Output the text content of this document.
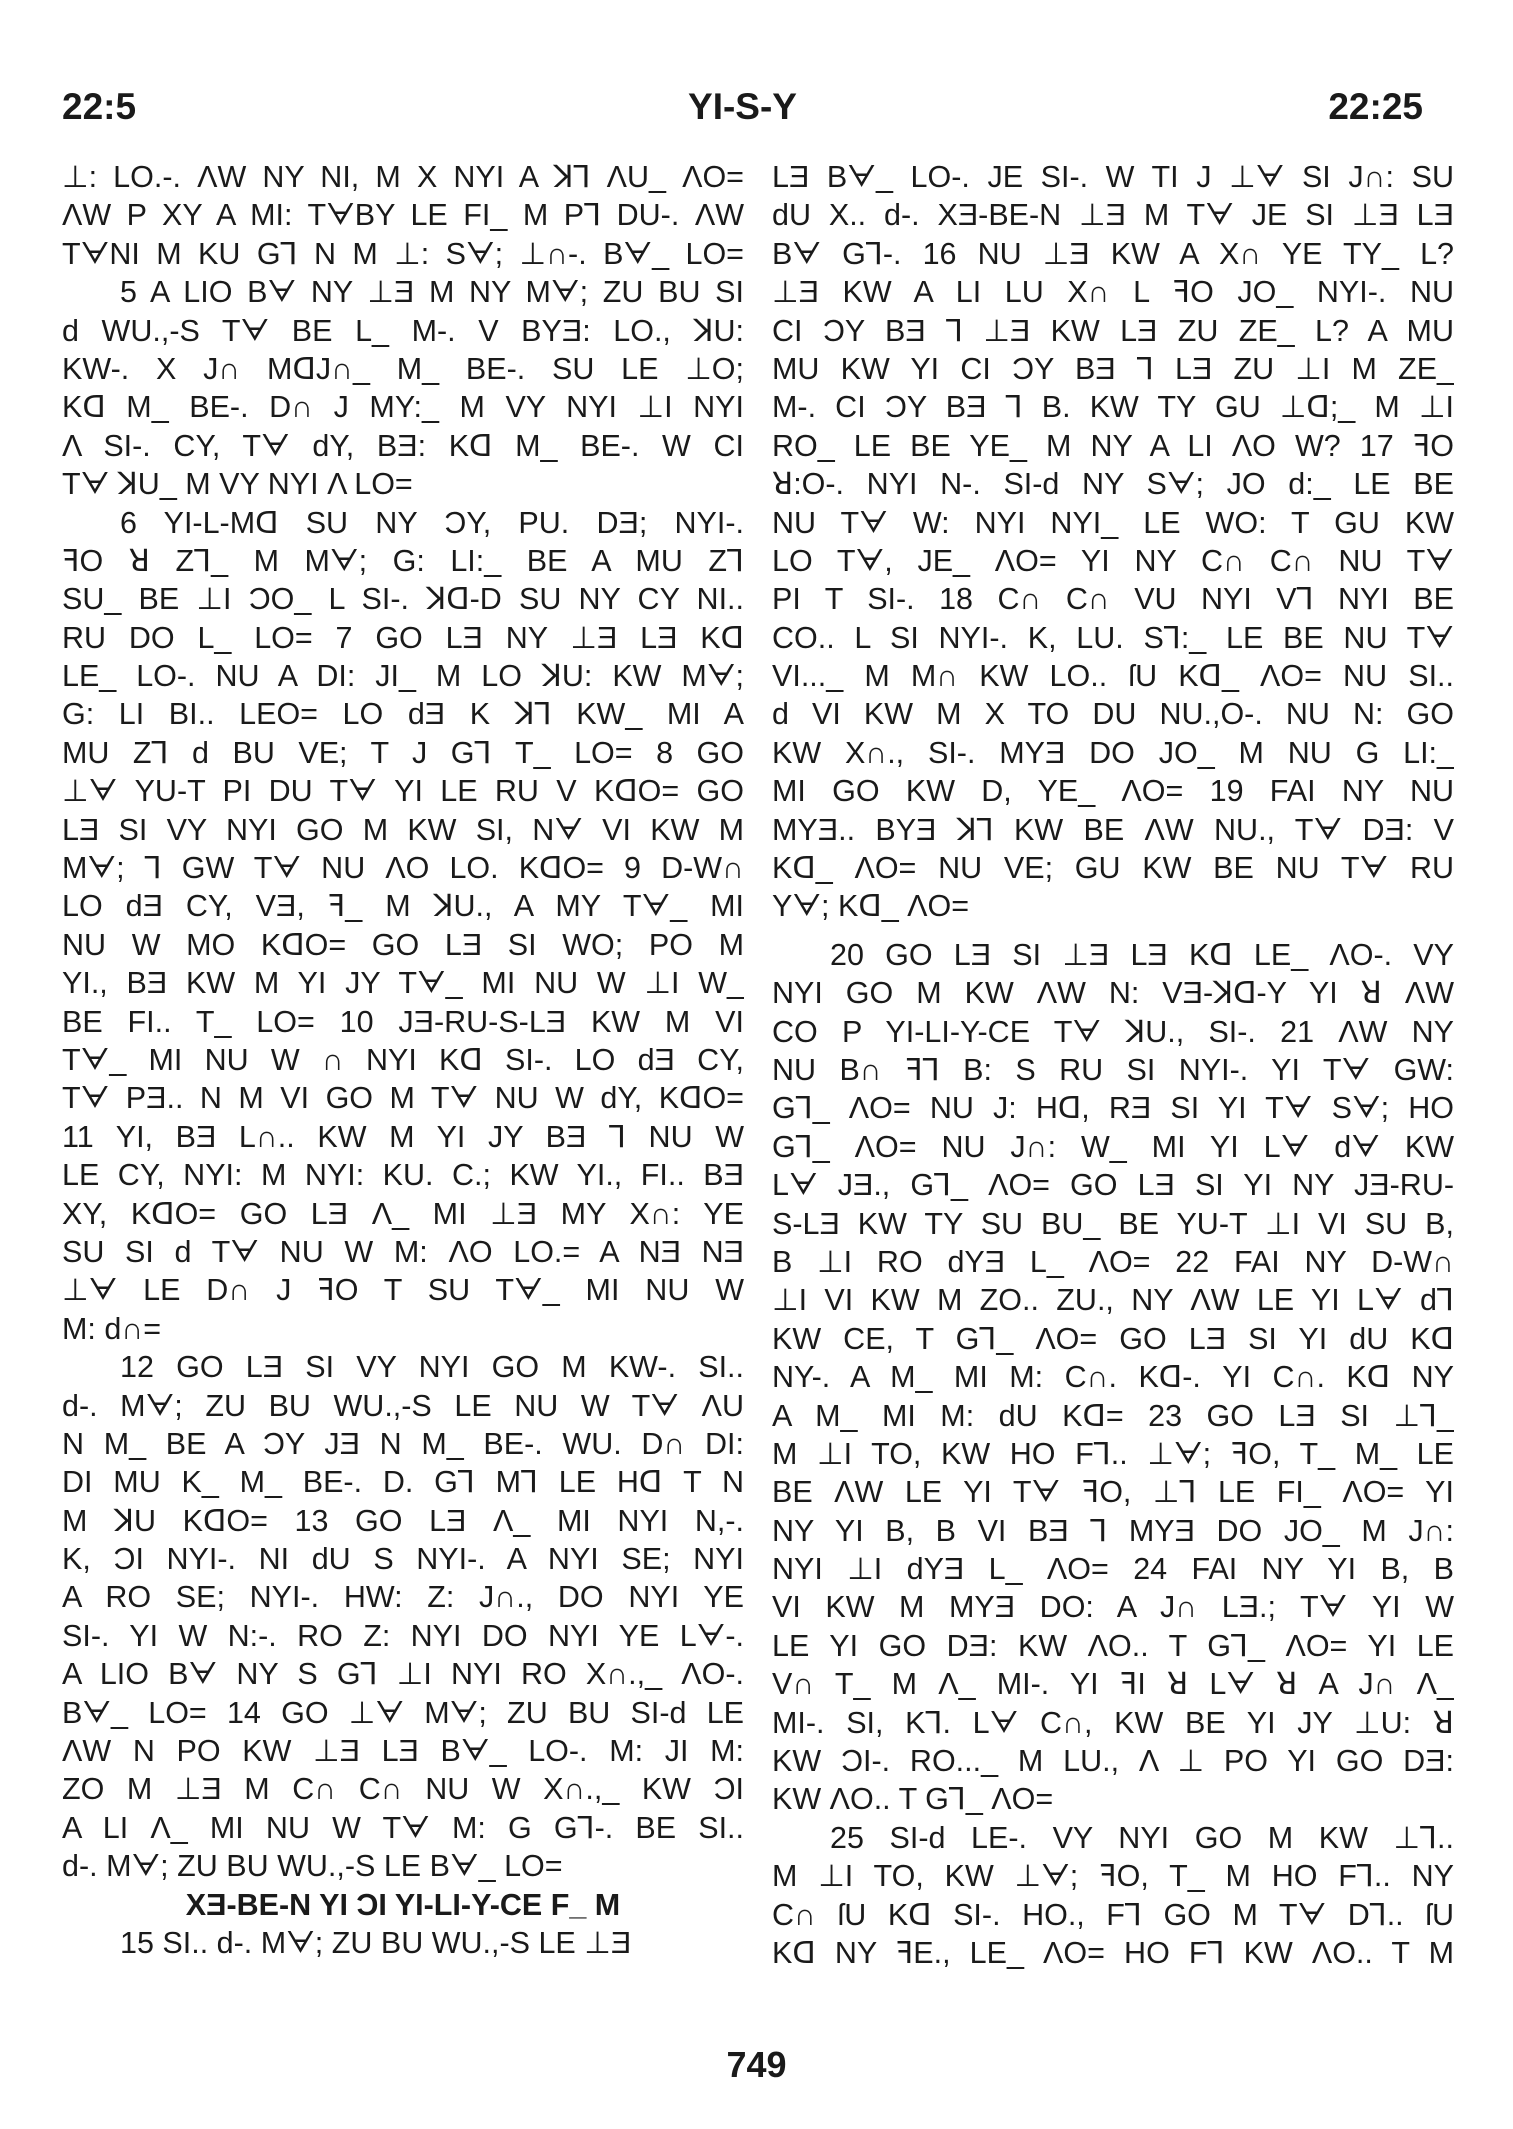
22:5	YI-S-Y	22:25
⊥: LO.-. ΛW NY NI, M X NYI A ꓘꓶ ΛU_ ΛO=
ΛW P XY A MI: TᗄBY LE FI_ M Pꓶ DU-. ΛW
TᗄNI M KU Gꓶ N M ⊥: Sᗄ; ⊥∩-. Bᗄ_ LO=
5 A LIO Bᗄ NY ⊥Ǝ M NY Mᗄ; ZU BU SI
d WU.,-S Tᗄ BE L_ M-. V BYƎ: LO., ꓘU:
KW-. X J∩ MꓷJ∩_ M_ BE-. SU LE ⊥O;
Kꓷ M_ BE-. D∩ J MY:_ M VY NYI ⊥I NYI
Λ SI-. CY, Tᗄ dY, BƎ: Kꓷ M_ BE-. W CI
Tᗄ ꓘU_ M VY NYI Λ LO=
6 YI-L-Mꓷ SU NY ƆY, PU. DƎ; NYI-.
ꟻO ꓤ Zꓶ_ M Mᗄ; G: LI:_ BE A MU Zꓶ
SU_ BE ⊥I ƆO_ L SI-. ꓘꓷ-D SU NY CY NI..
RU DO L_ LO= 7 GO LƎ NY ⊥Ǝ LƎ Kꓷ
LE_ LO-. NU A DI: JI_ M LO ꓘU: KW Mᗄ;
G: LI BI.. LEO= LO dƎ K ꓘꓶ KW_ MI A
MU Zꓶ d BU VE; T J Gꓶ T_ LO= 8 GO
⊥ᗄ YU-T PI DU Tᗄ YI LE RU V KꓷO= GO
LƎ SI VY NYI GO M KW SI, Nᗄ VI KW M
Mᗄ; ꓶ GW Tᗄ NU ΛO LO. KꓷO= 9 D-W∩
LO dƎ CY, VƎ, ꟻ_ M ꓘU., A MY Tᗄ_ MI
NU W MO KꓷO= GO LƎ SI WO; PO M
YI., BƎ KW M YI JY Tᗄ_ MI NU W ⊥I W_
BE FI.. T_ LO= 10 JƎ-RU-S-LƎ KW M VI
Tᗄ_ MI NU W ∩ NYI Kꓷ SI-. LO dƎ CY,
Tᗄ PƎ.. N M VI GO M Tᗄ NU W dY, KꓷO=
11 YI, BƎ L∩.. KW M YI JY BƎ ꓶ NU W
LE CY, NYI: M NYI: KU. C.; KW YI., FI.. BƎ
XY, KꓷO= GO LƎ Λ_ MI ⊥Ǝ MY X∩: YE
SU SI d Tᗄ NU W M: ΛO LO.= A NƎ NƎ
⊥ᗄ LE D∩ J ꟻO T SU Tᗄ_ MI NU W
M: d∩=
12 GO LƎ SI VY NYI GO M KW-. SI..
d-. Mᗄ; ZU BU WU.,-S LE NU W Tᗄ ΛU
N M_ BE A ƆY JƎ N M_ BE-. WU. D∩ DI:
DI MU K_ M_ BE-. D. Gꓶ Mꓶ LE Hꓷ T N
M ꓘU KꓷO= 13 GO LƎ Λ_ MI NYI N,-.
K, ƆI NYI-. NI dU S NYI-. A NYI SE; NYI
A RO SE; NYI-. HW: Z: J∩., DO NYI YE
SI-. YI W N:-. RO Z: NYI DO NYI YE Lᗄ-.
A LIO Bᗄ NY S Gꓶ ⊥I NYI RO X∩.,_ ΛO-.
Bᗄ_ LO= 14 GO ⊥ᗄ Mᗄ; ZU BU SI-d LE
ΛW N PO KW ⊥Ǝ LƎ Bᗄ_ LO-. M: JI M:
ZO M ⊥Ǝ M C∩ C∩ NU W X∩.,_ KW ƆI
A LI Λ_ MI NU W Tᗄ M: G Gꓶ-. BE SI..
d-. Mᗄ; ZU BU WU.,-S LE Bᗄ_ LO=
XƎ-BE-N YI ƆI YI-LI-Y-CE F_ M
15 SI.. d-. Mᗄ; ZU BU WU.,-S LE ⊥Ǝ
LƎ Bᗄ_ LO-. JE SI-. W TI J ⊥ᗄ SI J∩: SU
dU X.. d-. XƎ-BE-N ⊥Ǝ M Tᗄ JE SI ⊥Ǝ LƎ
Bᗄ Gꓶ-. 16 NU ⊥Ǝ KW A X∩ YE TY_ L?
⊥Ǝ KW A LI LU X∩ L ꟻO JO_ NYI-. NU
CI ƆY BƎ ꓶ ⊥Ǝ KW LƎ ZU ZE_ L? A MU
MU KW YI CI ƆY BƎ ꓶ LƎ ZU ⊥I M ZE_
M-. CI ƆY BƎ ꓶ B. KW TY GU ⊥ꓷ;_ M ⊥I
RO_ LE BE YE_ M NY A LI ΛO W? 17 ꟻO
ꓤ:O-. NYI N-. SI-d NY Sᗄ; JO d:_ LE BE
NU Tᗄ W: NYI NYI_ LE WO: T GU KW
LO Tᗄ, JE_ ΛO= YI NY C∩ C∩ NU Tᗄ
PI T SI-. 18 C∩ C∩ VU NYI Vꓶ NYI BE
CO.. L SI NYI-. K, LU. Sꓶ:_ LE BE NU Tᗄ
VI..._ M M∩ KW LO.. ſU Kꓷ_ ΛO= NU SI..
d VI KW M X TO DU NU.,O-. NU N: GO
KW X∩., SI-. MYƎ DO JO_ M NU G LI:_
MI GO KW D, YE_ ΛO= 19 FAI NY NU
MYƎ.. BYƎ ꓘꓶ KW BE ΛW NU., Tᗄ DƎ: V
Kꓷ_ ΛO= NU VE; GU KW BE NU Tᗄ RU
Yᗄ; Kꓷ_ ΛO=
20 GO LƎ SI ⊥Ǝ LƎ Kꓷ LE_ ΛO-. VY
NYI GO M KW ΛW N: VƎ-ꓘꓷ-Y YI ꓤ ΛW
CO P YI-LI-Y-CE Tᗄ ꓘU., SI-. 21 ΛW NY
NU B∩ ꟻꓶ B: S RU SI NYI-. YI Tᗄ GW:
Gꓶ_ ΛO= NU J: Hꓷ, RƎ SI YI Tᗄ Sᗄ; HO
Gꓶ_ ΛO= NU J∩: W_ MI YI Lᗄ dᗄ KW
Lᗄ JƎ., Gꓶ_ ΛO= GO LƎ SI YI NY JƎ-RU-
S-LƎ KW TY SU BU_ BE YU-T ⊥I VI SU B,
B ⊥I RO dYƎ L_ ΛO= 22 FAI NY D-W∩
⊥I VI KW M ZO.. ZU., NY ΛW LE YI Lᗄ dꓶ
KW CE, T Gꓶ_ ΛO= GO LƎ SI YI dU Kꓷ
NY-. A M_ MI M: C∩. Kꓷ-. YI C∩. Kꓷ NY
A M_ MI M: dU Kꓷ= 23 GO LƎ SI ⊥ꓶ_
M ⊥I TO, KW HO Fꓶ.. ⊥ᗄ; ꟻO, T_ M_ LE
BE ΛW LE YI Tᗄ ꟻO, ⊥ꓶ LE FI_ ΛO= YI
NY YI B, B VI BƎ ꓶ MYƎ DO JO_ M J∩:
NYI ⊥I dYƎ L_ ΛO= 24 FAI NY YI B, B
VI KW M MYƎ DO: A J∩ LƎ.; Tᗄ YI W
LE YI GO DƎ: KW ΛO.. T Gꓶ_ ΛO= YI LE
V∩ T_ M Λ_ MI-. YI ꟻI ꓤ Lᗄ ꓤ A J∩ Λ_
MI-. SI, Kꓶ. Lᗄ C∩, KW BE YI JY ⊥U: ꓤ
KW ƆI-. RO..._ M LU., Λ ⊥ PO YI GO DƎ:
KW ΛO.. T Gꓶ_ ΛO=
25 SI-d LE-. VY NYI GO M KW ⊥ꓶ..
M ⊥I TO, KW ⊥ᗄ; ꟻO, T_ M HO Fꓶ.. NY
C∩ ſU Kꓷ SI-. HO., Fꓶ GO M Tᗄ Dꓶ.. ſU
Kꓷ NY ꟻE., LE_ ΛO= HO Fꓶ KW ΛO.. T M
749
